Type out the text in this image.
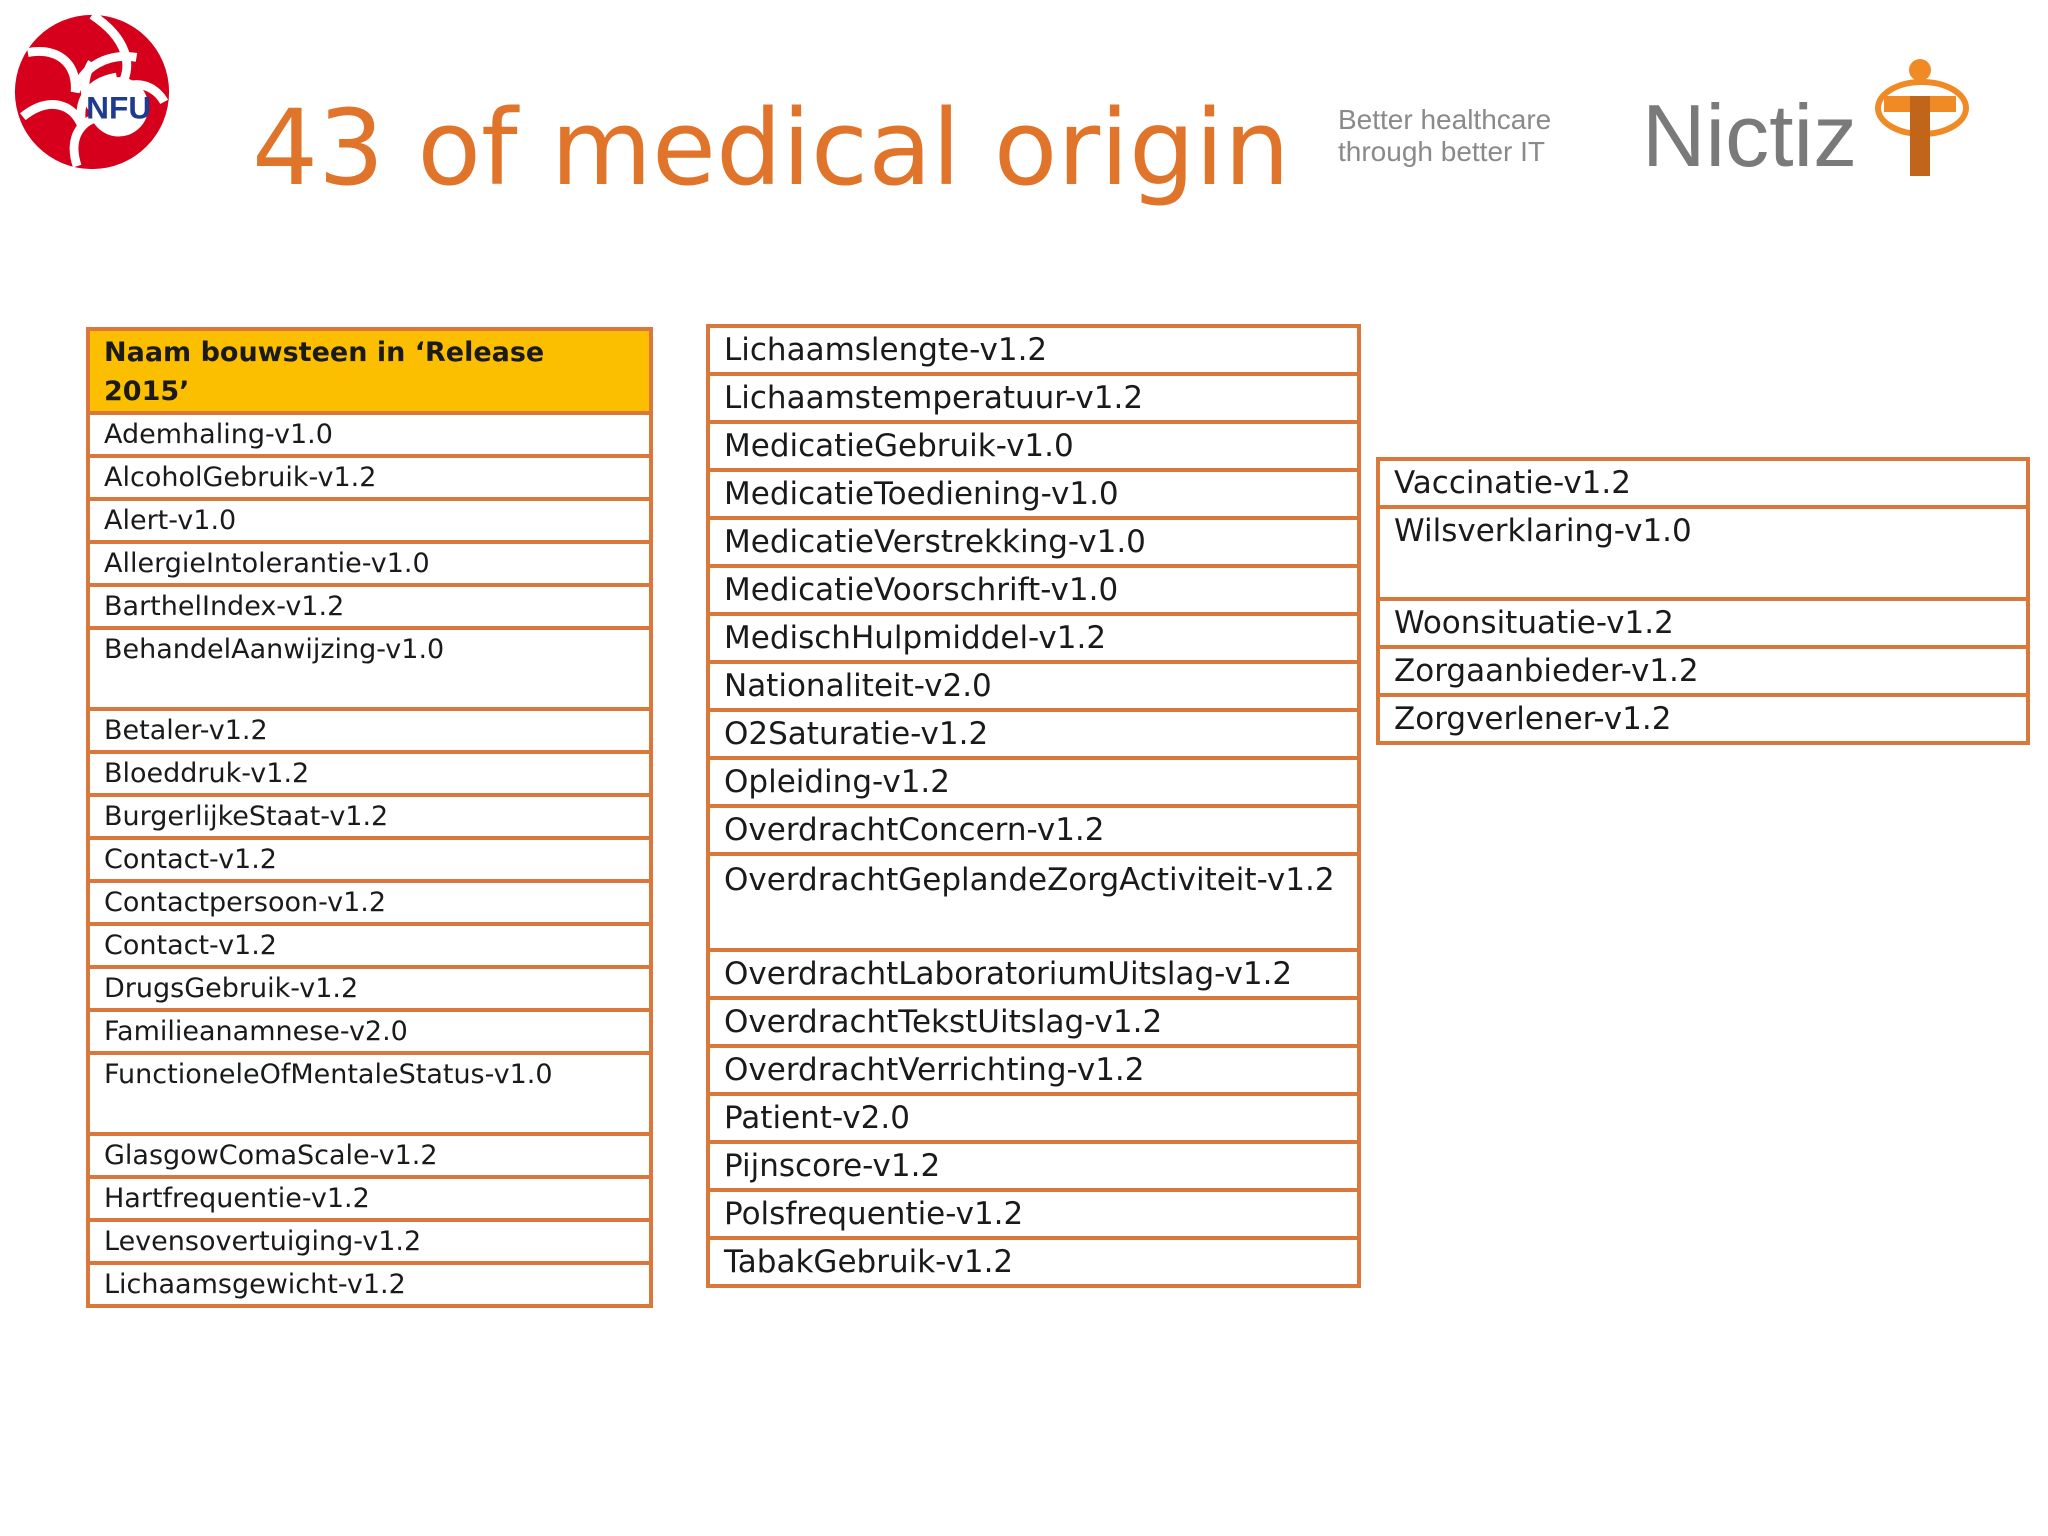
NFU 43 of medical origin Better healthcare
through better IT Nictiz
Naam bouwsteen in ‘Release 2015’
Ademhaling-v1.0
AlcoholGebruik-v1.2
Alert-v1.0
AllergieIntolerantie-v1.0
BarthelIndex-v1.2
BehandelAanwijzing-v1.0
Betaler-v1.2
Bloeddruk-v1.2
BurgerlijkeStaat-v1.2
Contact-v1.2
Contactpersoon-v1.2
Contact-v1.2
DrugsGebruik-v1.2
Familieanamnese-v2.0
FunctioneleOfMentaleStatus-v1.0
GlasgowComaScale-v1.2
Hartfrequentie-v1.2
Levensovertuiging-v1.2
Lichaamsgewicht-v1.2
Lichaamslengte-v1.2
Lichaamstemperatuur-v1.2
MedicatieGebruik-v1.0
MedicatieToediening-v1.0
MedicatieVerstrekking-v1.0
MedicatieVoorschrift-v1.0
MedischHulpmiddel-v1.2
Nationaliteit-v2.0
O2Saturatie-v1.2
Opleiding-v1.2
OverdrachtConcern-v1.2
OverdrachtGeplandeZorgActiviteit-v1.2
OverdrachtLaboratoriumUitslag-v1.2
OverdrachtTekstUitslag-v1.2
OverdrachtVerrichting-v1.2
Patient-v2.0
Pijnscore-v1.2
Polsfrequentie-v1.2
TabakGebruik-v1.2
Vaccinatie-v1.2
Wilsverklaring-v1.0
Woonsituatie-v1.2
Zorgaanbieder-v1.2
Zorgverlener-v1.2
